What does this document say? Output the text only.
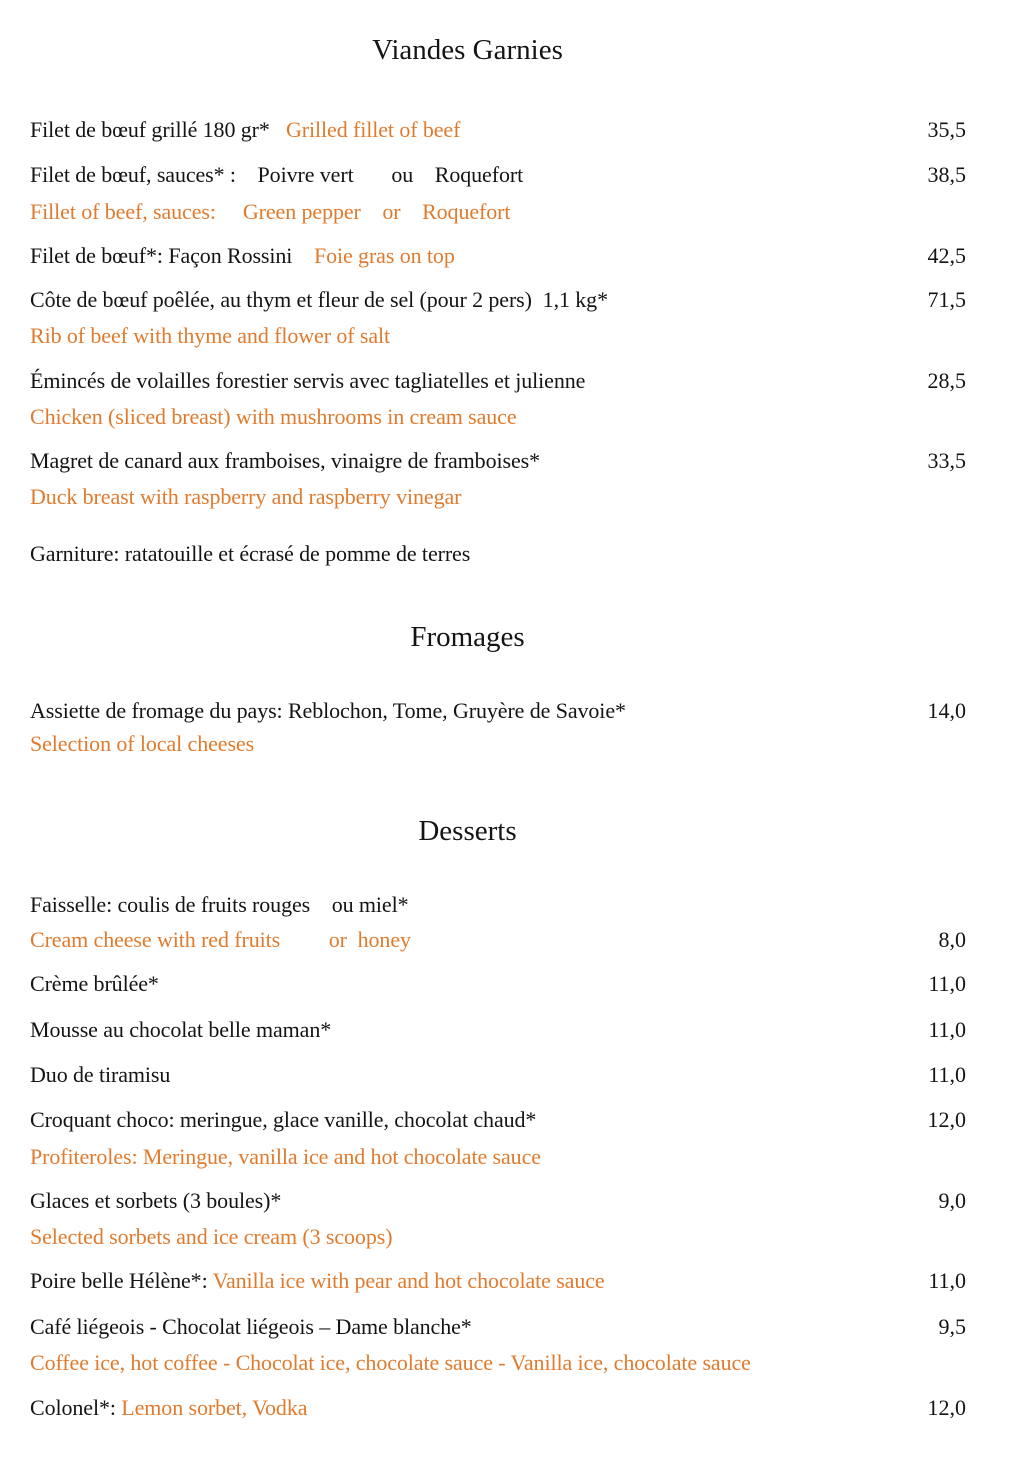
Viandes Garnies
Filet de bœuf grillé 180 gr* Grilled fillet of beef	35,5
Filet de bœuf, sauces* :    Poivre vert       ou    Roquefort	38,5
Fillet of beef, sauces:     Green pepper    or    Roquefort
Filet de bœuf*: Façon Rossini Foie gras on top	42,5
Côte de bœuf poêlée, au thym et fleur de sel (pour 2 pers)  1,1 kg*	71,5
Rib of beef with thyme and flower of salt
Émincés de volailles forestier servis avec tagliatelles et julienne	28,5
Chicken (sliced breast) with mushrooms in cream sauce
Magret de canard aux framboises, vinaigre de framboises*	33,5
Duck breast with raspberry and raspberry vinegar
Garniture: ratatouille et écrasé de pomme de terres
Fromages
Assiette de fromage du pays: Reblochon, Tome, Gruyère de Savoie*	14,0
Selection of local cheeses
Desserts
Faisselle: coulis de fruits rouges    ou miel*
Cream cheese with red fruits         or  honey	8,0
Crème brûlée*	11,0
Mousse au chocolat belle maman*	11,0
Duo de tiramisu	11,0
Croquant choco: meringue, glace vanille, chocolat chaud*	12,0
Profiteroles: Meringue, vanilla ice and hot chocolate sauce
Glaces et sorbets (3 boules)*	9,0
Selected sorbets and ice cream (3 scoops)
Poire belle Hélène*: Vanilla ice with pear and hot chocolate sauce	11,0
Café liégeois - Chocolat liégeois – Dame blanche*	9,5
Coffee ice, hot coffee - Chocolat ice, chocolate sauce - Vanilla ice, chocolate sauce
Colonel*: Lemon sorbet, Vodka	12,0
